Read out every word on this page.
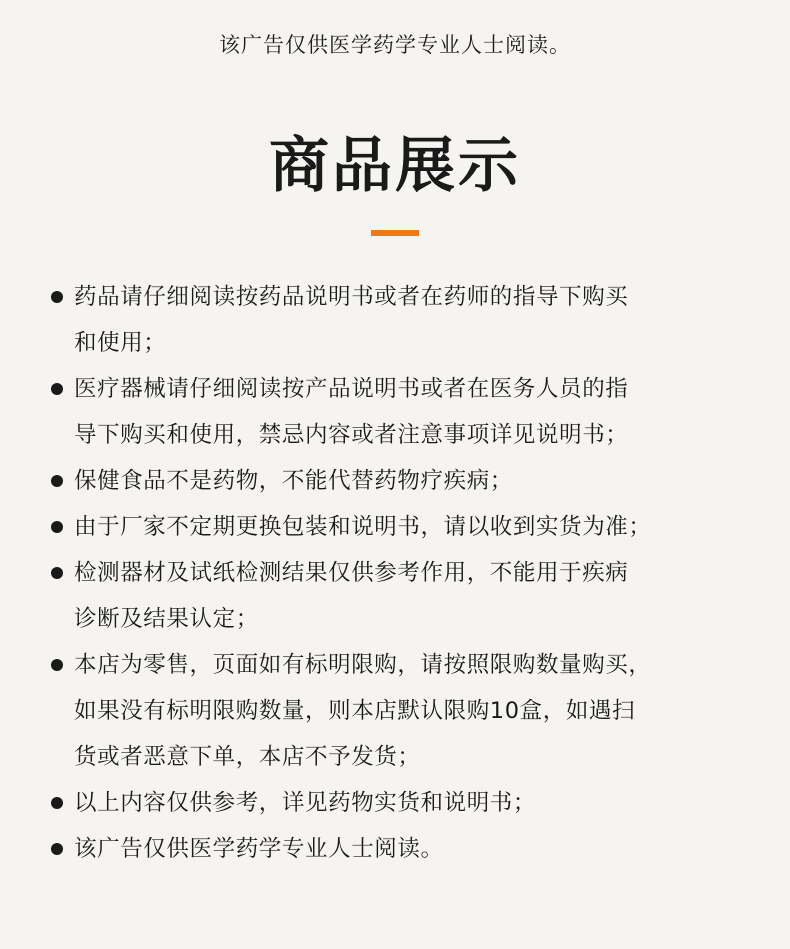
该广告仅供医学药学专业人士阅读。
商品展示
药品请仔细阅读按药品说明书或者在药师的指导下购买
和使用；
医疗器械请仔细阅读按产品说明书或者在医务人员的指
导下购买和使用，禁忌内容或者注意事项详见说明书；
保健食品不是药物，不能代替药物疗疾病；
由于厂家不定期更换包装和说明书，请以收到实货为准；
检测器材及试纸检测结果仅供参考作用，不能用于疾病
诊断及结果认定；
本店为零售，页面如有标明限购，请按照限购数量购买，
如果没有标明限购数量，则本店默认限购10盒，如遇扫
货或者恶意下单，本店不予发货；
以上内容仅供参考，详见药物实货和说明书；
该广告仅供医学药学专业人士阅读。
